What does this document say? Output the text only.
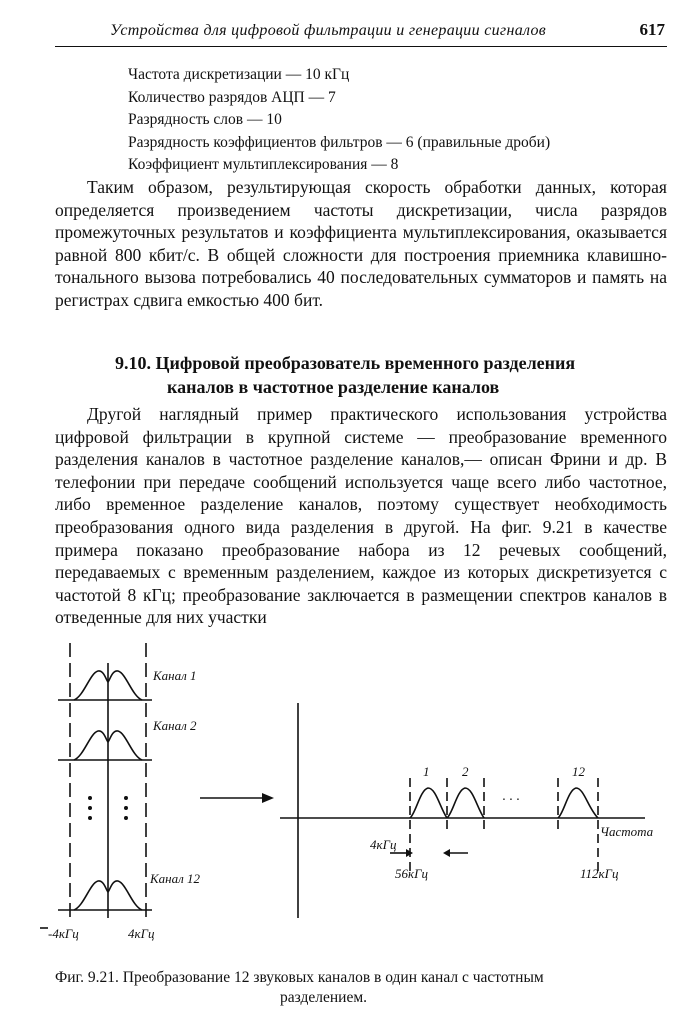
Устройства для цифровой фильтрации и генерации сигналов	617
Частота дискретизации — 10 кГц
Количество разрядов АЦП — 7
Разрядность слов — 10
Разрядность коэффициентов фильтров — 6 (правильные дроби)
Коэффициент мультиплексирования — 8

Таким образом, результирующая скорость обработки данных, которая определяется произведением частоты дискретизации, числа разрядов промежуточных результатов и коэффициента мультиплексирования, оказывается равной 800 кбит/с. В общей сложности для построения приемника клавишно-тонального вызова потребовались 40 последовательных сумматоров и память на регистрах сдвига емкостью 400 бит.

9.10. Цифровой преобразователь временного разделения
каналов в частотное разделение каналов

Другой наглядный пример практического использования устройства цифровой фильтрации в крупной системе — преобразование временного разделения каналов в частотное разделение каналов,— описан Фрини и др. В телефонии при передаче сообщений используется чаще всего либо частотное, либо временное разделение каналов, поэтому существует необходимость преобразования одного вида разделения в другой. На фиг. 9.21 в качестве примера показано преобразование набора из 12 речевых сообщений, передаваемых с временным разделением, каждое из которых дискретизуется с частотой 8 кГц; преобразование заключается в размещении спектров каналов в отведенные для них участки

Канал 1
Канал 2
Канал 12
-4кГц	4кГц
1	2	12
· · ·
Частота
4кГц
56кГц	112кГц
Фиг. 9.21. Преобразование 12 звуковых каналов в один канал с частотным
разделением.
